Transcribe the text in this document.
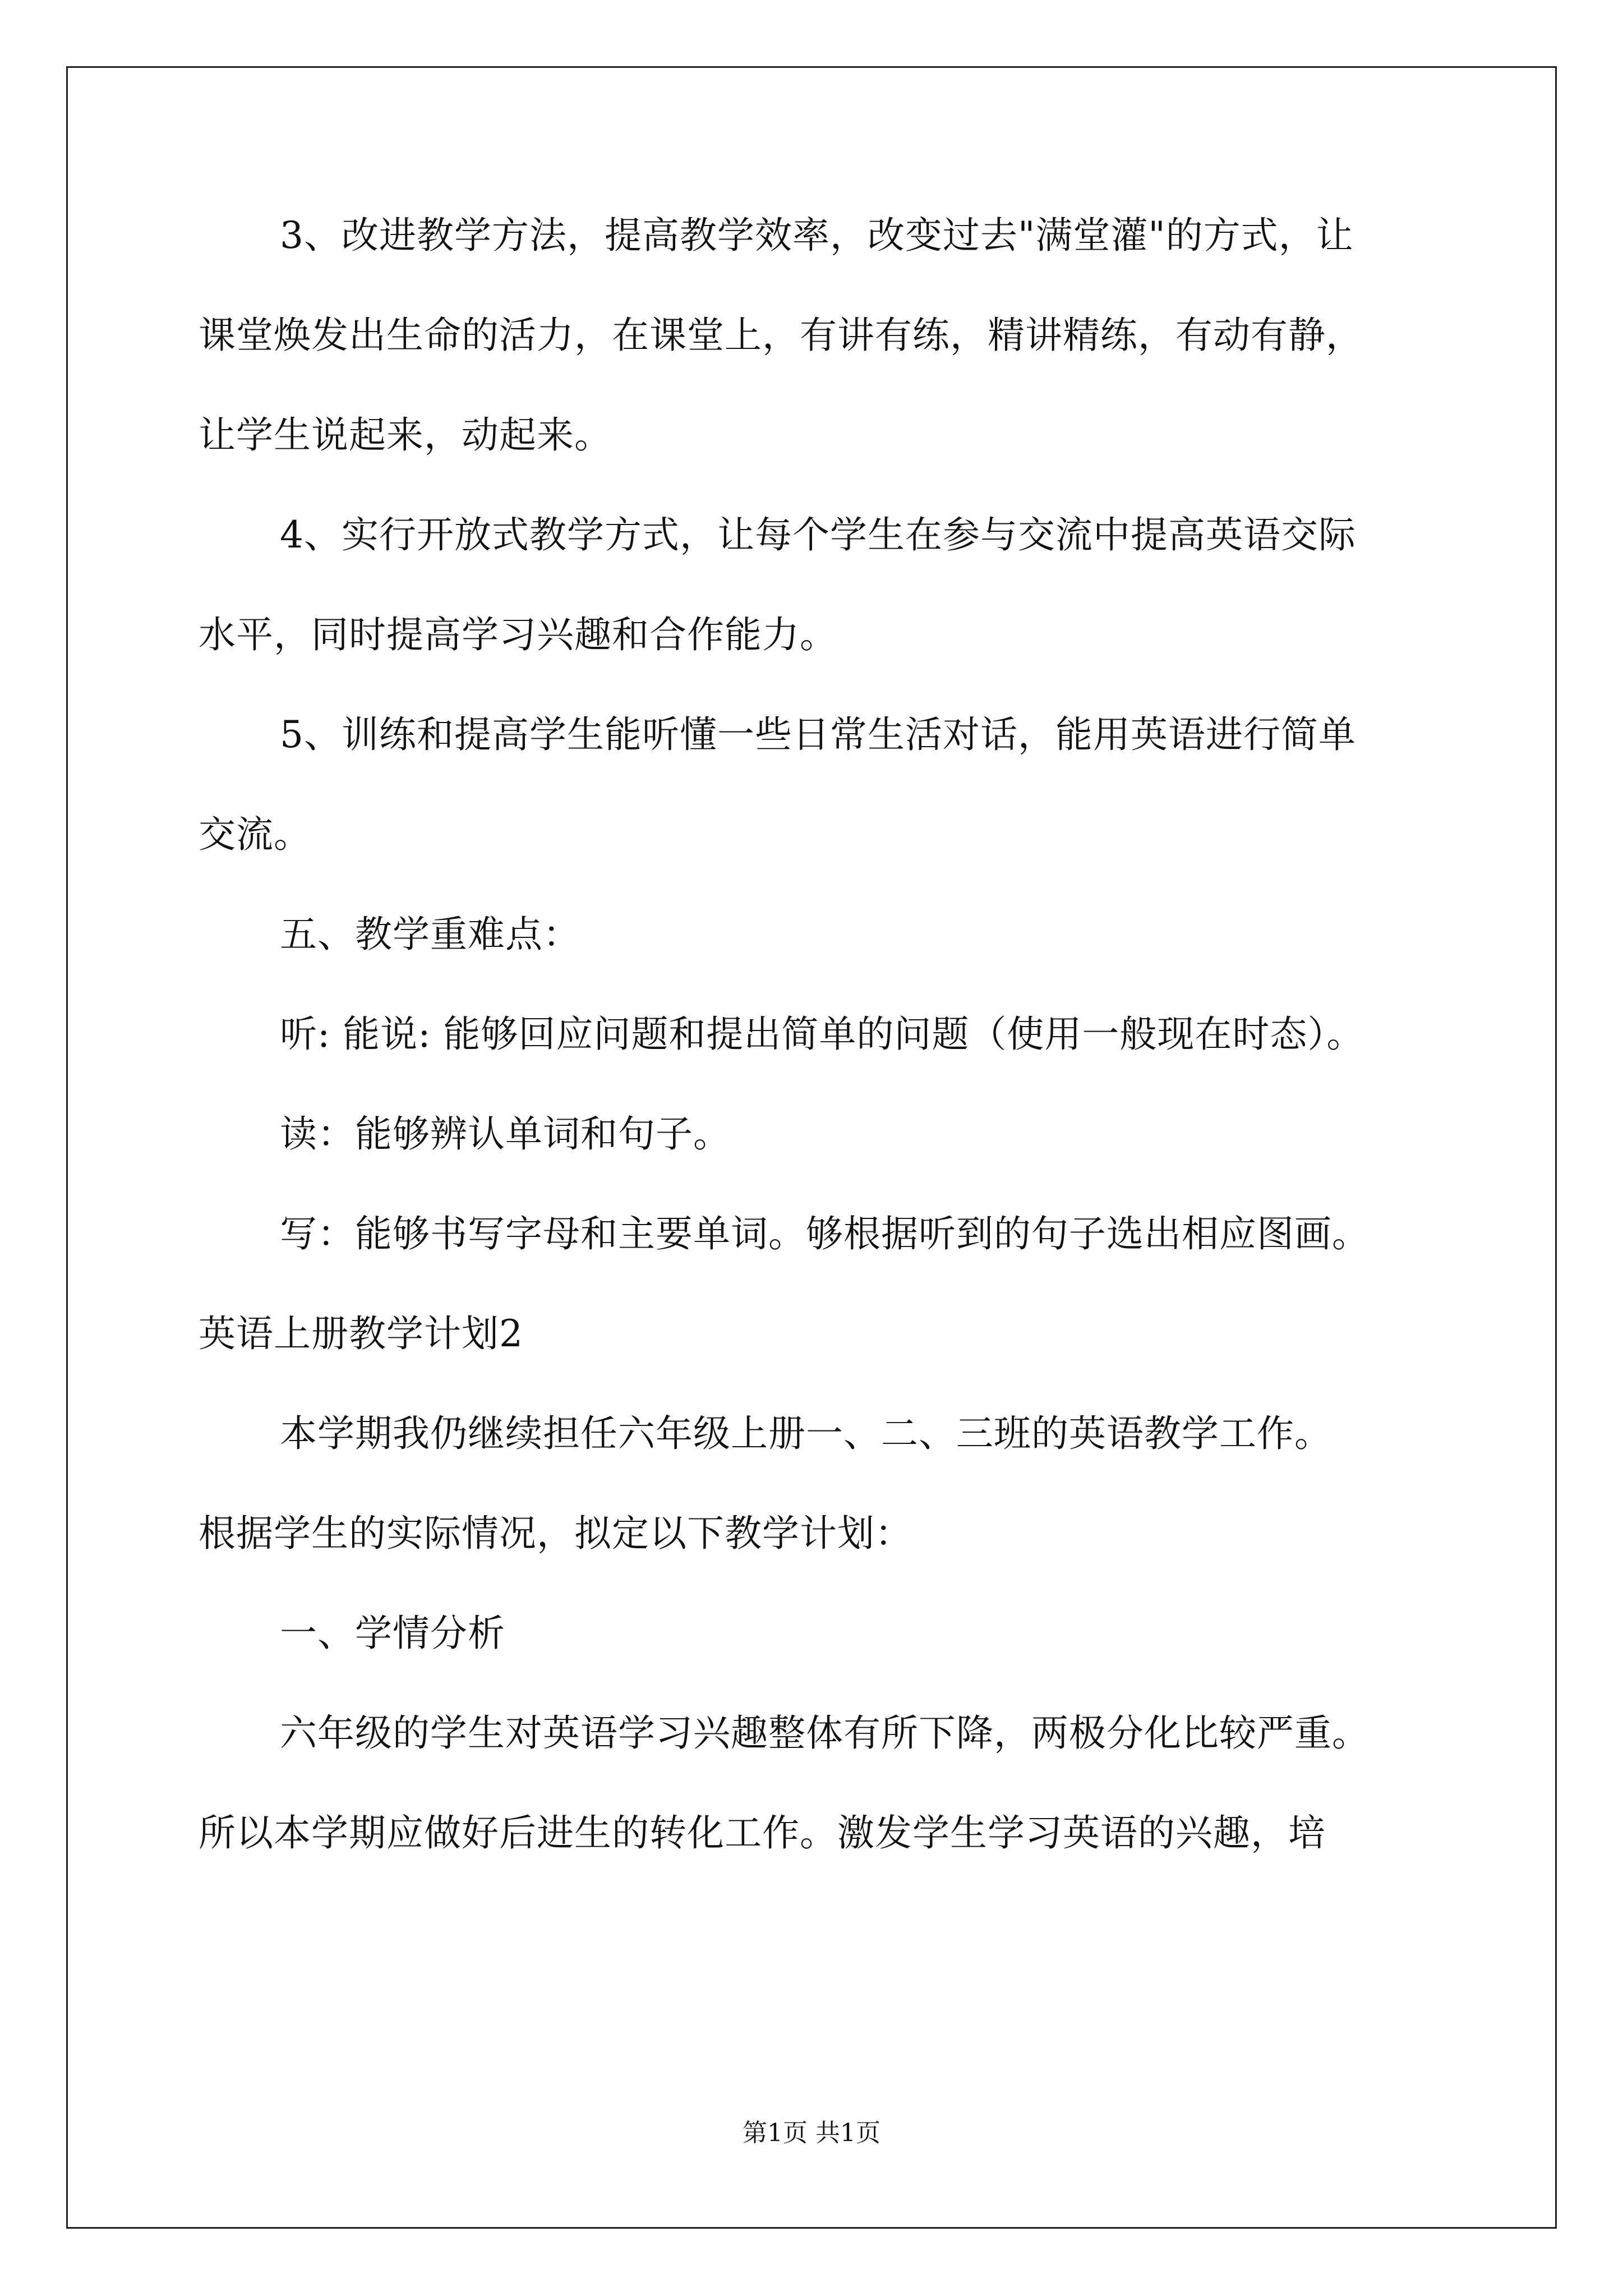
3、改进教学方法，提高教学效率，改变过去"满堂灌"的方式，让
课堂焕发出生命的活力，在课堂上，有讲有练，精讲精练，有动有静，
让学生说起来，动起来。
4、实行开放式教学方式，让每个学生在参与交流中提高英语交际
水平，同时提高学习兴趣和合作能力。
5、训练和提高学生能听懂一些日常生活对话，能用英语进行简单
交流。
五、教学重难点：
听: 能说: 能够回应问题和提出简单的问题（使用一般现在时态）。
读：能够辨认单词和句子。
写：能够书写字母和主要单词。够根据听到的句子选出相应图画。
英语上册教学计划2
本学期我仍继续担任六年级上册一、二、三班的英语教学工作。
根据学生的实际情况，拟定以下教学计划：
一、学情分析
六年级的学生对英语学习兴趣整体有所下降，两极分化比较严重。
所以本学期应做好后进生的转化工作。激发学生学习英语的兴趣，培
第1页 共1页
